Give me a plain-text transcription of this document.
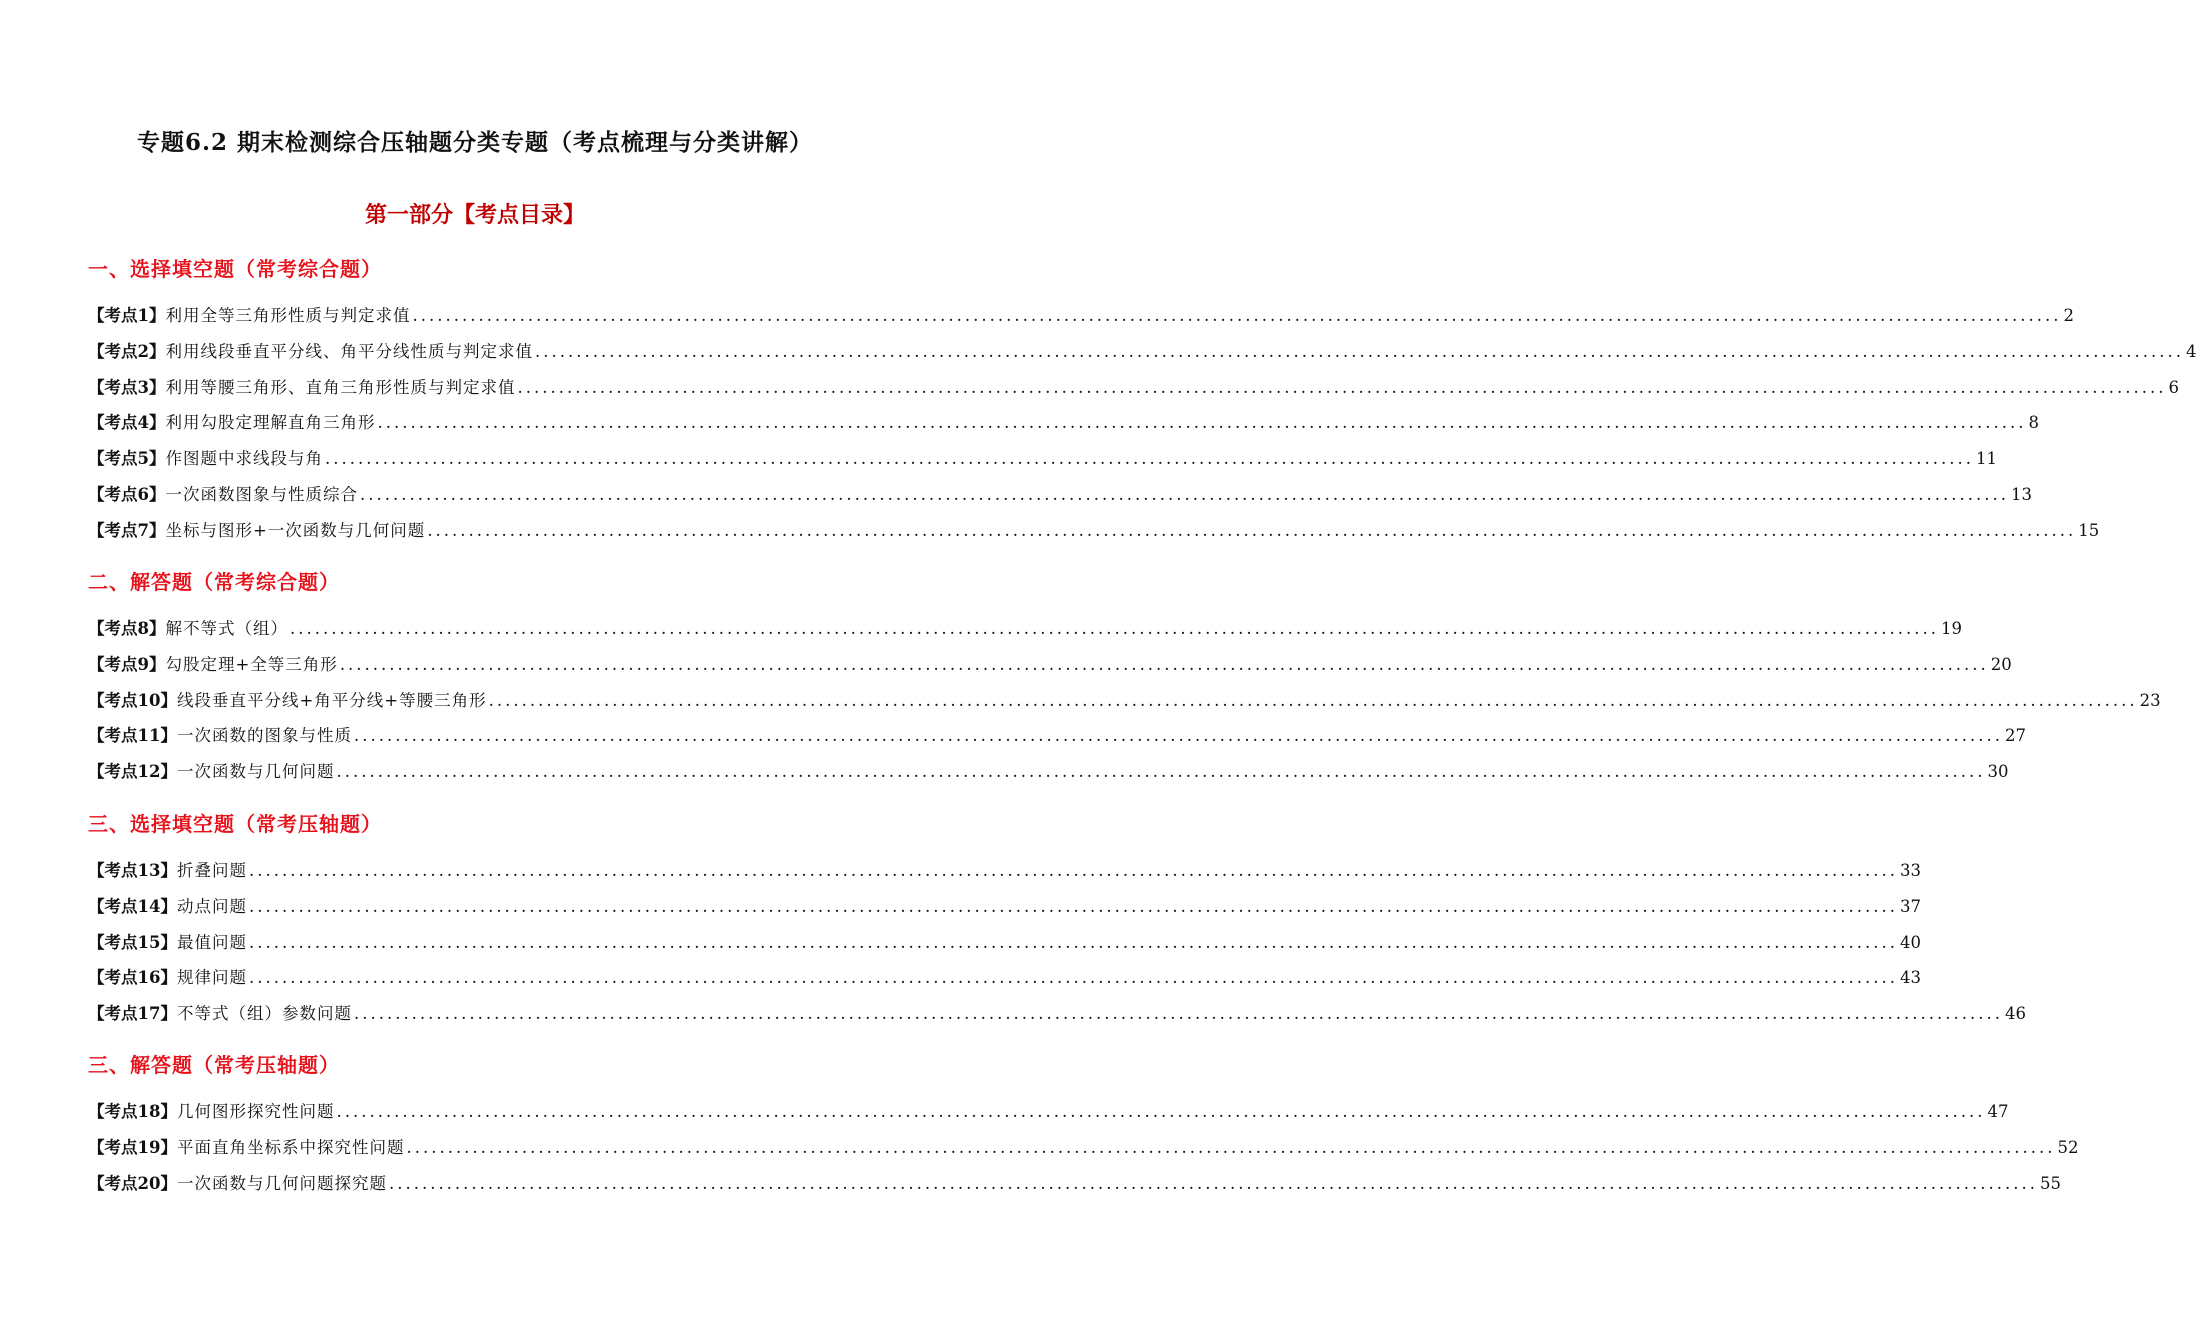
专题6.2 期末检测综合压轴题分类专题（考点梳理与分类讲解）
第一部分【考点目录】
一、选择填空题（常考综合题）
【考点1】 利用全等三角形性质与判定求值 ........................................................................................................................................................................................................ 2
【考点2】 利用线段垂直平分线、角平分线性质与判定求值 ........................................................................................................................................................................................................ 4
【考点3】 利用等腰三角形、直角三角形性质与判定求值 ........................................................................................................................................................................................................ 6
【考点4】 利用勾股定理解直角三角形 ........................................................................................................................................................................................................ 8
【考点5】 作图题中求线段与角 ........................................................................................................................................................................................................ 11
【考点6】 一次函数图象与性质综合 ........................................................................................................................................................................................................ 13
【考点7】 坐标与图形+一次函数与几何问题 ........................................................................................................................................................................................................ 15
二、解答题（常考综合题）
【考点8】 解不等式（组） ........................................................................................................................................................................................................ 19
【考点9】 勾股定理+全等三角形 ........................................................................................................................................................................................................ 20
【考点10】 线段垂直平分线+角平分线+等腰三角形 ........................................................................................................................................................................................................ 23
【考点11】 一次函数的图象与性质 ........................................................................................................................................................................................................ 27
【考点12】 一次函数与几何问题 ........................................................................................................................................................................................................ 30
三、选择填空题（常考压轴题）
【考点13】 折叠问题 ........................................................................................................................................................................................................ 33
【考点14】 动点问题 ........................................................................................................................................................................................................ 37
【考点15】 最值问题 ........................................................................................................................................................................................................ 40
【考点16】 规律问题 ........................................................................................................................................................................................................ 43
【考点17】 不等式（组）参数问题 ........................................................................................................................................................................................................ 46
三、解答题（常考压轴题）
【考点18】 几何图形探究性问题 ........................................................................................................................................................................................................ 47
【考点19】 平面直角坐标系中探究性问题 ........................................................................................................................................................................................................ 52
【考点20】 一次函数与几何问题探究题 ........................................................................................................................................................................................................ 55
